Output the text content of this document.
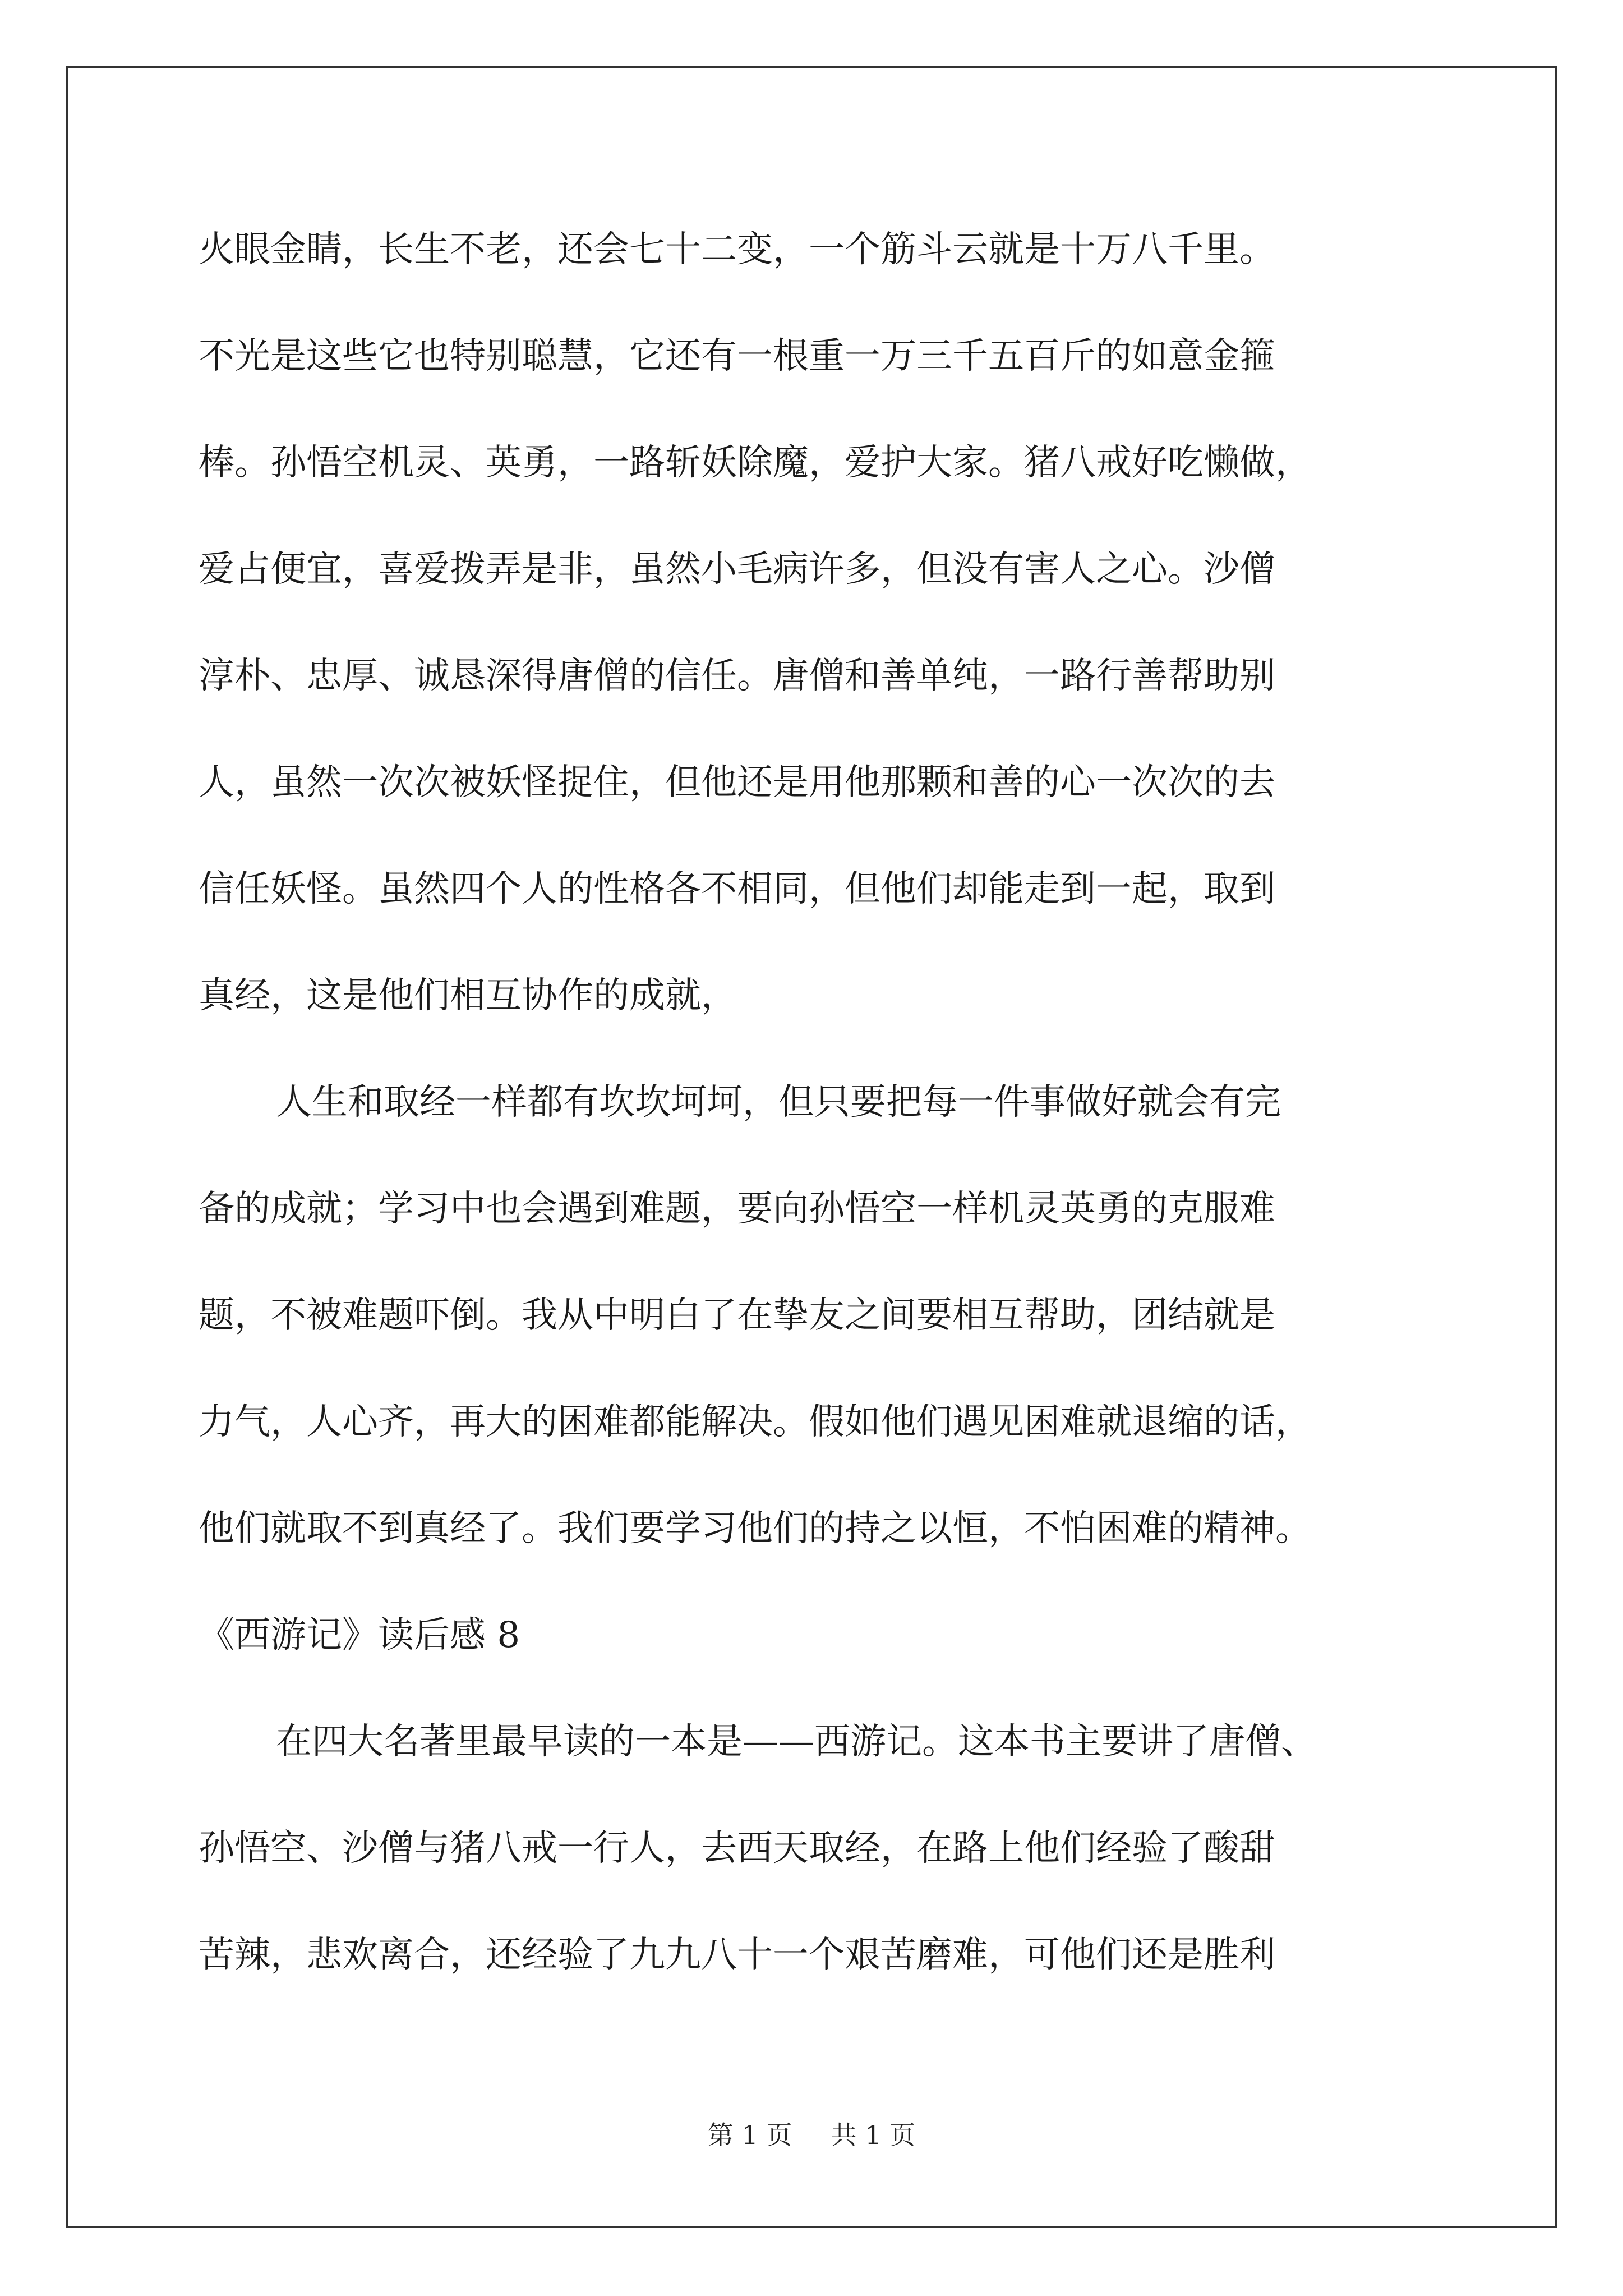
火眼金睛，长生不老，还会七十二变，一个筋斗云就是十万八千里。
不光是这些它也特别聪慧，它还有一根重一万三千五百斤的如意金箍
棒。孙悟空机灵、英勇，一路斩妖除魔，爱护大家。猪八戒好吃懒做，
爱占便宜，喜爱拨弄是非，虽然小毛病许多，但没有害人之心。沙僧
淳朴、忠厚、诚恳深得唐僧的信任。唐僧和善单纯，一路行善帮助别
人，虽然一次次被妖怪捉住，但他还是用他那颗和善的心一次次的去
信任妖怪。虽然四个人的性格各不相同，但他们却能走到一起，取到
真经，这是他们相互协作的成就，
人生和取经一样都有坎坎坷坷，但只要把每一件事做好就会有完
备的成就；学习中也会遇到难题，要向孙悟空一样机灵英勇的克服难
题，不被难题吓倒。我从中明白了在挚友之间要相互帮助，团结就是
力气，人心齐，再大的困难都能解决。假如他们遇见困难就退缩的话，
他们就取不到真经了。我们要学习他们的持之以恒，不怕困难的精神。
《西游记》读后感 8
在四大名著里最早读的一本是——西游记。这本书主要讲了唐僧、
孙悟空、沙僧与猪八戒一行人，去西天取经，在路上他们经验了酸甜
苦辣，悲欢离合，还经验了九九八十一个艰苦磨难，可他们还是胜利
第 1 页 共 1 页
